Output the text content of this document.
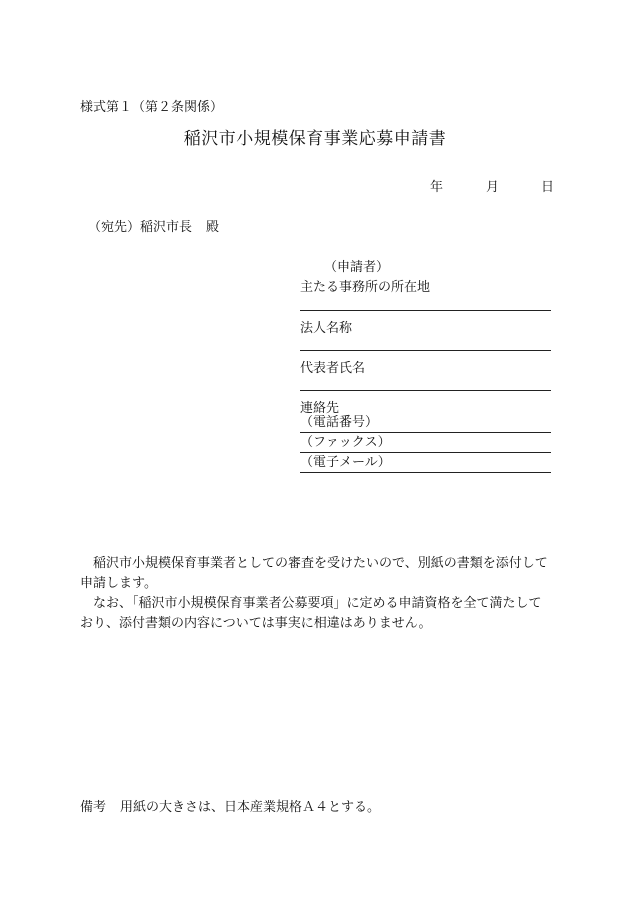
様式第１（第２条関係）
稲沢市小規模保育事業応募申請書
年	月	日
（宛先）稲沢市長 殿
（申請者）
主たる事務所の所在地
法人名称
代表者氏名
連絡先
（電話番号）
（ファックス）
（電子メール）

稲沢市小規模保育事業者としての審査を受けたいので、別紙の書類を添付して申請します。

なお、「稲沢市小規模保育事業者公募要項」に定める申請資格を全て満たしており、添付書類の内容については事実に相違はありません。

備考 用紙の大きさは、日本産業規格Ａ４とする。
